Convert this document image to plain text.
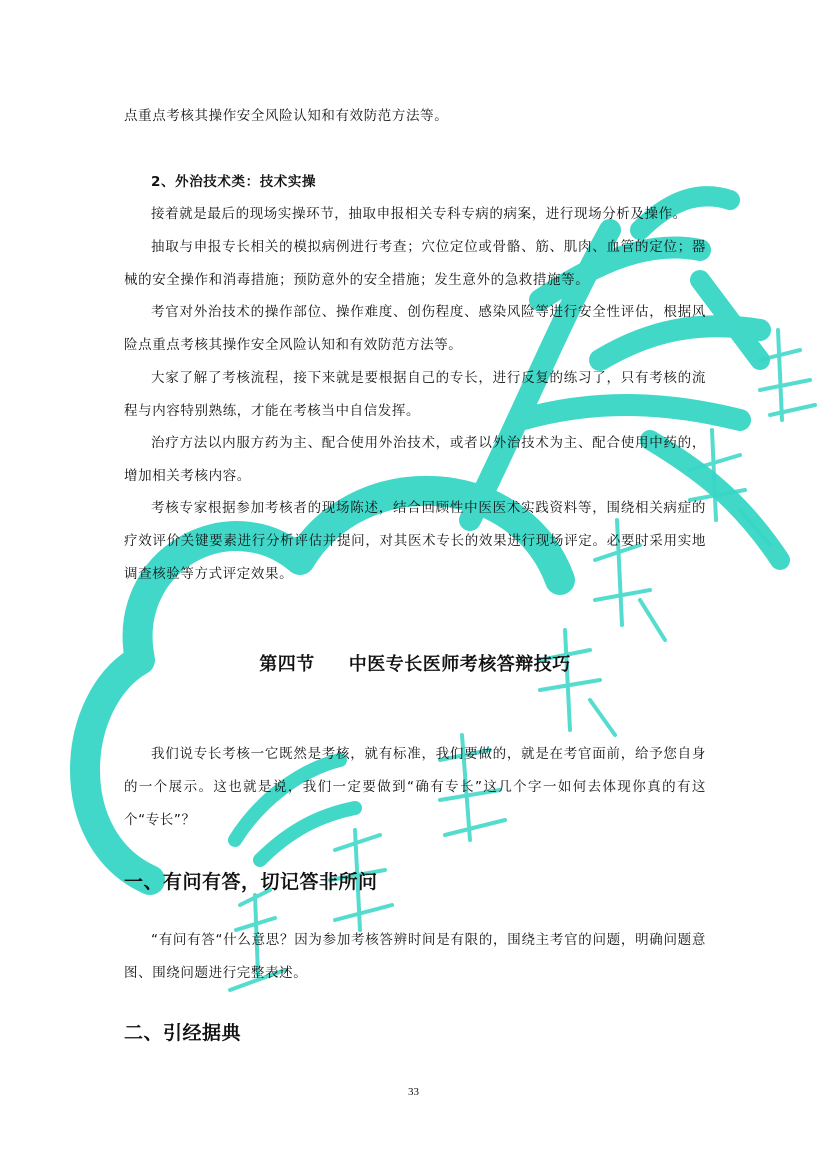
点重点考核其操作安全风险认知和有效防范方法等。
2、外治技术类：技术实操
接着就是最后的现场实操环节，抽取申报相关专科专病的病案，进行现场分析及操作。
抽取与申报专长相关的模拟病例进行考查；穴位定位或骨骼、筋、肌肉、血管的定位；器械的安全操作和消毒措施；预防意外的安全措施；发生意外的急救措施等。
考官对外治技术的操作部位、操作难度、创伤程度、感染风险等进行安全性评估，根据风险点重点考核其操作安全风险认知和有效防范方法等。
大家了解了考核流程，接下来就是要根据自己的专长，进行反复的练习了，只有考核的流程与内容特别熟练，才能在考核当中自信发挥。
治疗方法以内服方药为主、配合使用外治技术，或者以外治技术为主、配合使用中药的，增加相关考核内容。
考核专家根据参加考核者的现场陈述，结合回顾性中医医术实践资料等，围绕相关病症的疗效评价关键要素进行分析评估并提问，对其医术专长的效果进行现场评定。必要时采用实地调查核验等方式评定效果。
第四节 中医专长医师考核答辩技巧
我们说专长考核一它既然是考核，就有标准，我们要做的，就是在考官面前，给予您自身的一个展示。这也就是说，我们一定要做到“确有专长”这几个字一如何去体现你真的有这个“专长”？
一、有问有答，切记答非所问
“有问有答“什么意思？因为参加考核答辨时间是有限的，围绕主考官的问题，明确问题意图、围绕问题进行完整表述。
二、引经据典
33
